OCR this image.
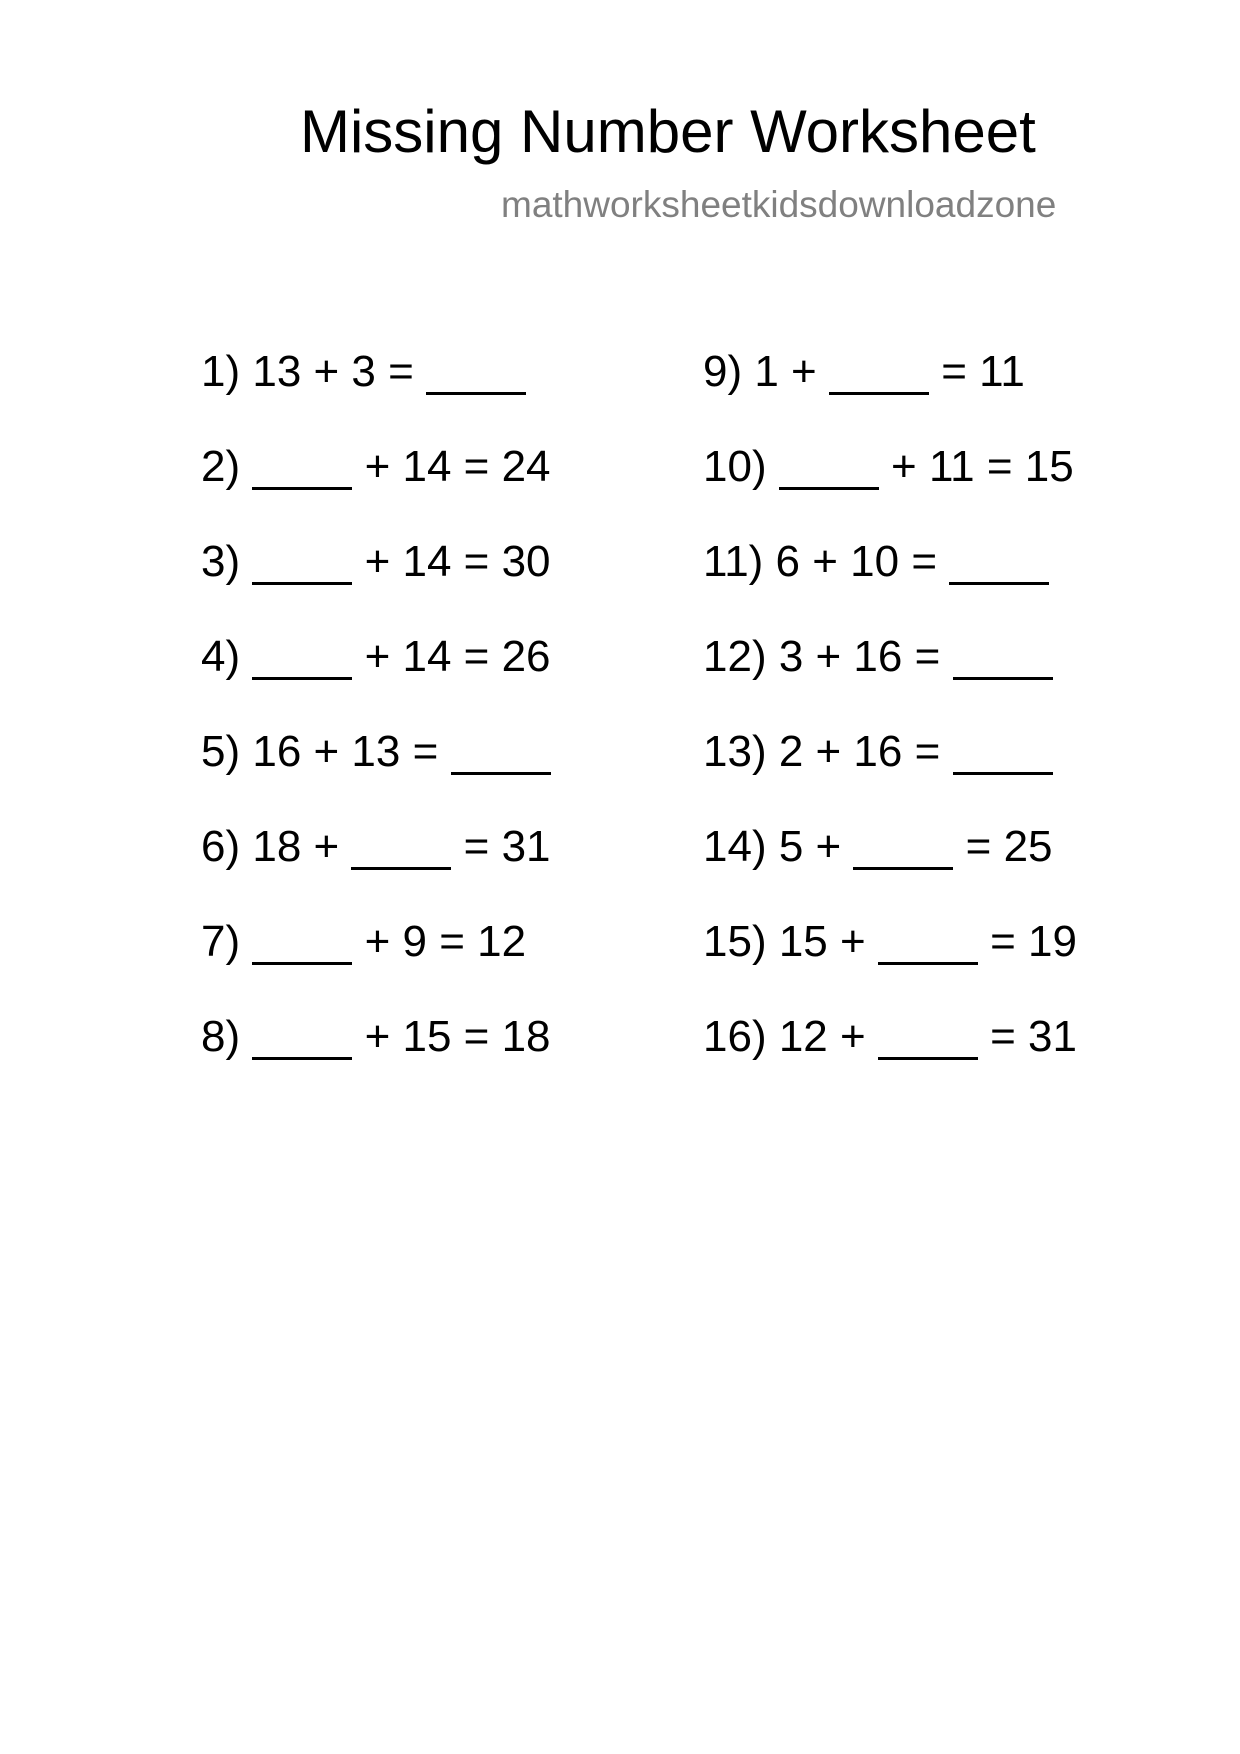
Missing Number Worksheet
mathworksheetkidsdownloadzone
1) 13 + 3 =
2)	+ 14 = 24
3)	+ 14 = 30
4)	+ 14 = 26
5) 16 + 13 =
6) 18 +  = 31
7)	+ 9 = 12
8)	+ 15 = 18
9) 1 +  = 11
10)	+ 11 = 15
11) 6 + 10 =
12) 3 + 16 =
13) 2 + 16 =
14) 5 +  = 25
15) 15 +  = 19
16) 12 +  = 31
